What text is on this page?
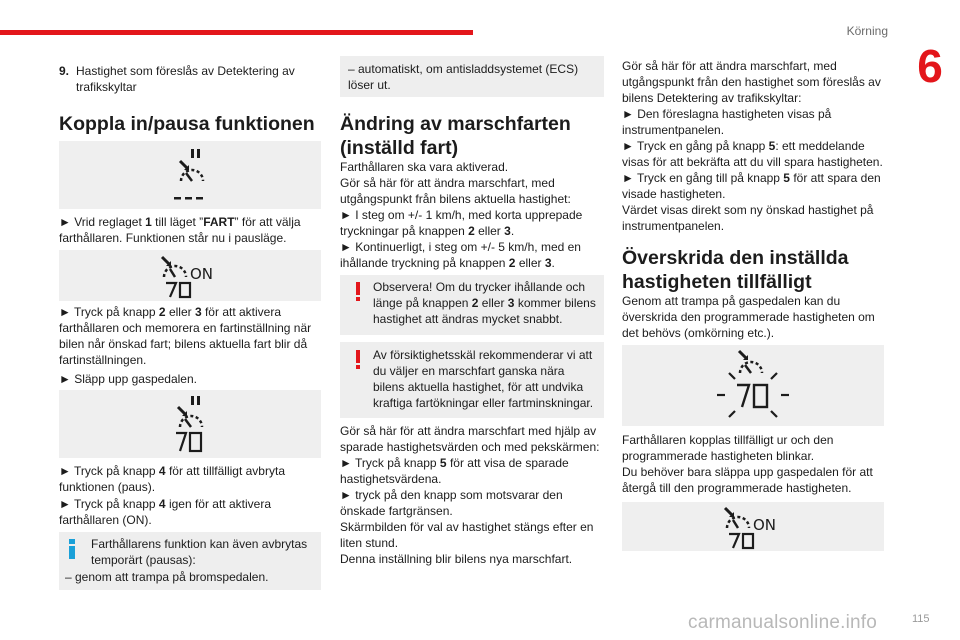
Körning
6
9. Hastighet som föreslås av Detektering av trafikskyltar
Koppla in/pausa funktionen

► Vrid reglaget 1 till läget ”FART” för att välja farthållaren. Funktionen står nu i pausläge.

ON

► Tryck på knapp 2 eller 3 för att aktivera farthållaren och memorera en fartinställning när bilen når önskad fart; bilens aktuella fart blir då fartinställningen.

► Släpp upp gaspedalen.

► Tryck på knapp 4 för att tillfälligt avbryta funktionen (paus).

► Tryck på knapp 4 igen för att aktivera farthållaren (ON).

Farthållarens funktion kan även avbrytas temporärt (pausas):

– genom att trampa på bromspedalen.

– automatiskt, om antisladdsystemet (ECS) löser ut.

Ändring av marschfarten (inställd fart)

Farthållaren ska vara aktiverad.

Gör så här för att ändra marschfart, med utgångspunkt från bilens aktuella hastighet:

► I steg om +/- 1 km/h, med korta upprepade tryckningar på knappen 2 eller 3.

► Kontinuerligt, i steg om +/- 5 km/h, med en ihållande tryckning på knappen 2 eller 3.

Observera! Om du trycker ihållande och länge på knappen 2 eller 3 kommer bilens hastighet att ändras mycket snabbt.

Av försiktighetsskäl rekommenderar vi att du väljer en marschfart ganska nära bilens aktuella hastighet, för att undvika kraftiga fartökningar eller fartminskningar.

Gör så här för att ändra marschfart med hjälp av sparade hastighetsvärden och med pekskärmen:

► Tryck på knapp 5 för att visa de sparade hastighetsvärdena.

► tryck på den knapp som motsvarar den önskade fartgränsen.

Skärmbilden för val av hastighet stängs efter en liten stund.

Denna inställning blir bilens nya marschfart.

Gör så här för att ändra marschfart, med utgångspunkt från den hastighet som föreslås av bilens Detektering av trafikskyltar:

► Den föreslagna hastigheten visas på instrumentpanelen.

► Tryck en gång på knapp 5: ett meddelande visas för att bekräfta att du vill spara hastigheten.

► Tryck en gång till på knapp 5 för att spara den visade hastigheten.

Värdet visas direkt som ny önskad hastighet på instrumentpanelen.

Överskrida den inställda hastigheten tillfälligt

Genom att trampa på gaspedalen kan du överskrida den programmerade hastigheten om det behövs (omkörning etc.).

Farthållaren kopplas tillfälligt ur och den programmerade hastigheten blinkar.

Du behöver bara släppa upp gaspedalen för att återgå till den programmerade hastigheten.

ON
carmanualsonline.info	115
